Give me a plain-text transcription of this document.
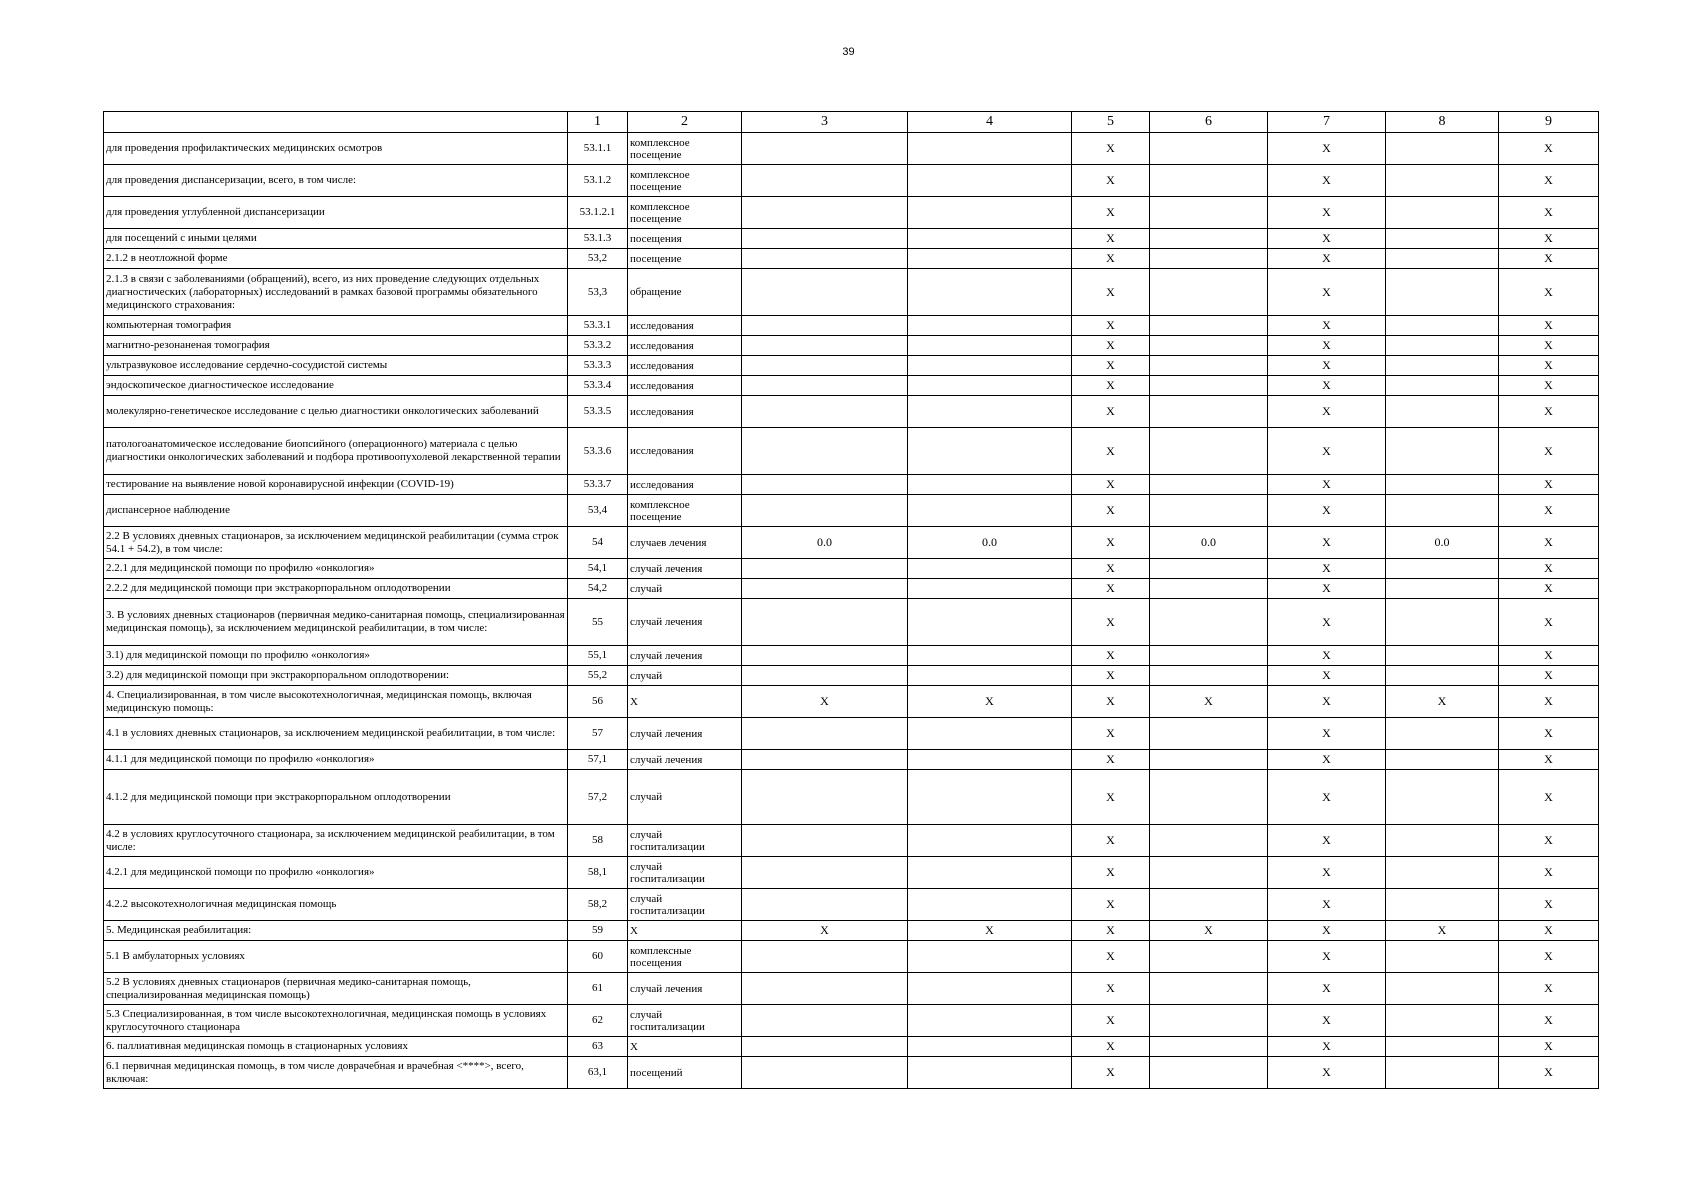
39
	1	2	3	4	5	6	7	8	9
для проведения профилактических медицинских осмотров	53.1.1	комплексное посещение			X		X		X
для проведения диспансеризации, всего, в том числе:	53.1.2	комплексное посещение			X		X		X
для проведения углубленной диспансеризации	53.1.2.1	комплексное посещение			X		X		X
для посещений с иными целями	53.1.3	посещения			X		X		X
2.1.2 в неотложной форме	53,2	посещение			X		X		X
2.1.3 в связи с заболеваниями (обращений), всего, из них проведение следующих отдельных диагностических (лабораторных) исследований в рамках базовой программы обязательного медицинского страхования:	53,3	обращение			X		X		X
компьютерная томография	53.3.1	исследования			X		X		X
магнитно-резонаненая томография	53.3.2	исследования			X		X		X
ультразвуковое исследование сердечно-сосудистой системы	53.3.3	исследования			X		X		X
эндоскопическое диагностическое исследование	53.3.4	исследования			X		X		X
молекулярно-генетическое исследование с целью диагностики онкологических заболеваний	53.3.5	исследования			X		X		X
патологоанатомическое исследование биопсийного (операционного) материала с целью диагностики онкологических заболеваний и подбора противоопухолевой лекарственной терапии	53.3.6	исследования			X		X		X
тестирование на выявление новой коронавирусной инфекции (COVID-19)	53.3.7	исследования			X		X		X
диспансерное наблюдение	53,4	комплексное посещение			X		X		X
2.2 В условиях дневных стационаров, за исключением медицинской реабилитации (сумма строк 54.1 + 54.2), в том числе:	54	случаев лечения	0.0	0.0	X	0.0	X	0.0	X
2.2.1 для медицинской помощи по профилю «онкология»	54,1	случай лечения			X		X		X
2.2.2 для медицинской помощи при экстракорпоральном оплодотворении	54,2	случай			X		X		X
3. В условиях дневных стационаров (первичная медико-санитарная помощь, специализированная медицинская помощь), за исключением медицинской реабилитации, в том числе:	55	случай лечения			X		X		X
3.1) для медицинской помощи по профилю «онкология»	55,1	случай лечения			X		X		X
3.2) для медицинской помощи при экстракорпоральном оплодотворении:	55,2	случай			X		X		X
4. Специализированная, в том числе высокотехнологичная, медицинская помощь, включая медицинскую помощь:	56	X	X	X	X	X	X	X	X
4.1 в условиях дневных стационаров, за исключением медицинской реабилитации, в том числе:	57	случай лечения			X		X		X
4.1.1 для медицинской помощи по профилю «онкология»	57,1	случай лечения			X		X		X
4.1.2 для медицинской помощи при экстракорпоральном оплодотворении	57,2	случай			X		X		X
4.2 в условиях круглосуточного стационара, за исключением медицинской реабилитации, в том числе:	58	случай госпитализации			X		X		X
4.2.1 для медицинской помощи по профилю «онкология»	58,1	случай госпитализации			X		X		X
4.2.2 высокотехнологичная медицинская помощь	58,2	случай госпитализации			X		X		X
5. Медицинская реабилитация:	59	X	X	X	X	X	X	X	X
5.1 В амбулаторных условиях	60	комплексные посещения			X		X		X
5.2 В условиях дневных стационаров (первичная медико-санитарная помощь, специализированная медицинская помощь)	61	случай лечения			X		X		X
5.3 Специализированная, в том числе высокотехнологичная, медицинская помощь в условиях круглосуточного стационара	62	случай госпитализации			X		X		X
6. паллиативная медицинская помощь в стационарных условиях	63	X			X		X		X
6.1 первичная медицинская помощь, в том числе доврачебная и врачебная <****>, всего, включая:	63,1	посещений			X		X		X
